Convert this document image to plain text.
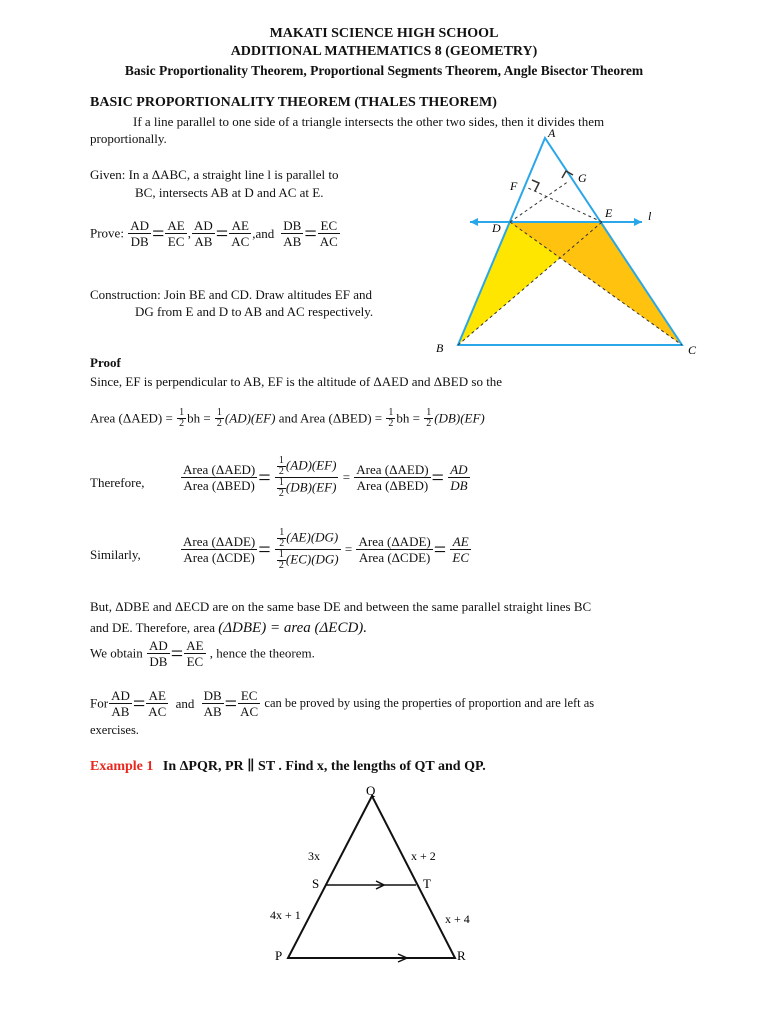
MAKATI SCIENCE HIGH SCHOOL
ADDITIONAL MATHEMATICS 8 (GEOMETRY)
Basic Proportionality Theorem, Proportional Segments Theorem, Angle Bisector Theorem
BASIC PROPORTIONALITY THEOREM (THALES THEOREM)
If a line parallel to one side of a triangle intersects the other two sides, then it divides them
proportionally.
Given: In a ΔABC, a straight line l is parallel to
BC, intersects AB at D and AC at E.
Prove: $\frac{AD}{DB} = \frac{AE}{EC}$ , $\frac{AD}{AB} = \frac{AE}{AC} ,and \frac{DB}{AB} = \frac{EC}{AC}$
Construction: Join BE and CD. Draw altitudes EF and
DG from E and D to AB and AC respectively.
A
B	C
D
E
F
G
l
Proof
Since, EF is perpendicular to AB, EF is the altitude of ΔAED and ΔBED so the
Area $(\Delta AED) = \frac{1}{2}$ bh = $\frac{1}{2} (AD)(EF)$ and Area $(\Delta BED) = \frac{1}{2}$ bh = $\frac{1}{2} (DB)(EF)$
Therefore,	$\frac{\text{Area (ΔAED)}}{\text{Area (ΔBED)}} = \frac{\frac{1}{2} (AD)(EF)}{\frac{1}{2} (DB)(EF)} = \frac{\text{Area (ΔAED)}}{\text{Area (ΔBED)}} = \frac{AD}{DB}$
Similarly,	$\frac{\text{Area (ΔADE)}}{\text{Area (ΔCDE)}} = \frac{\frac{1}{2} (AE)(DG)}{\frac{1}{2} (EC)(DG)} = \frac{\text{Area (ΔADE)}}{\text{Area (ΔCDE)}} = \frac{AE}{EC}$
But, ΔDBE and ΔECD are on the same base DE and between the same parallel straight lines BC
and DE. Therefore, area (ΔDBE) = area (ΔECD).
We obtain $\frac{AD}{DB} = \frac{AE}{EC}$ , hence the theorem.
For $\frac{AD}{AB} = \frac{AE}{AC}$ and $\frac{DB}{AB} = \frac{EC}{AC}$ can be proved by using the properties of proportion and are left as
exercises.
Example 1 In ΔPQR, PR ∥ ST . Find x, the lengths of QT and QP.
Q
S	T
P	R
3x	x + 2
4x + 1	x + 4
